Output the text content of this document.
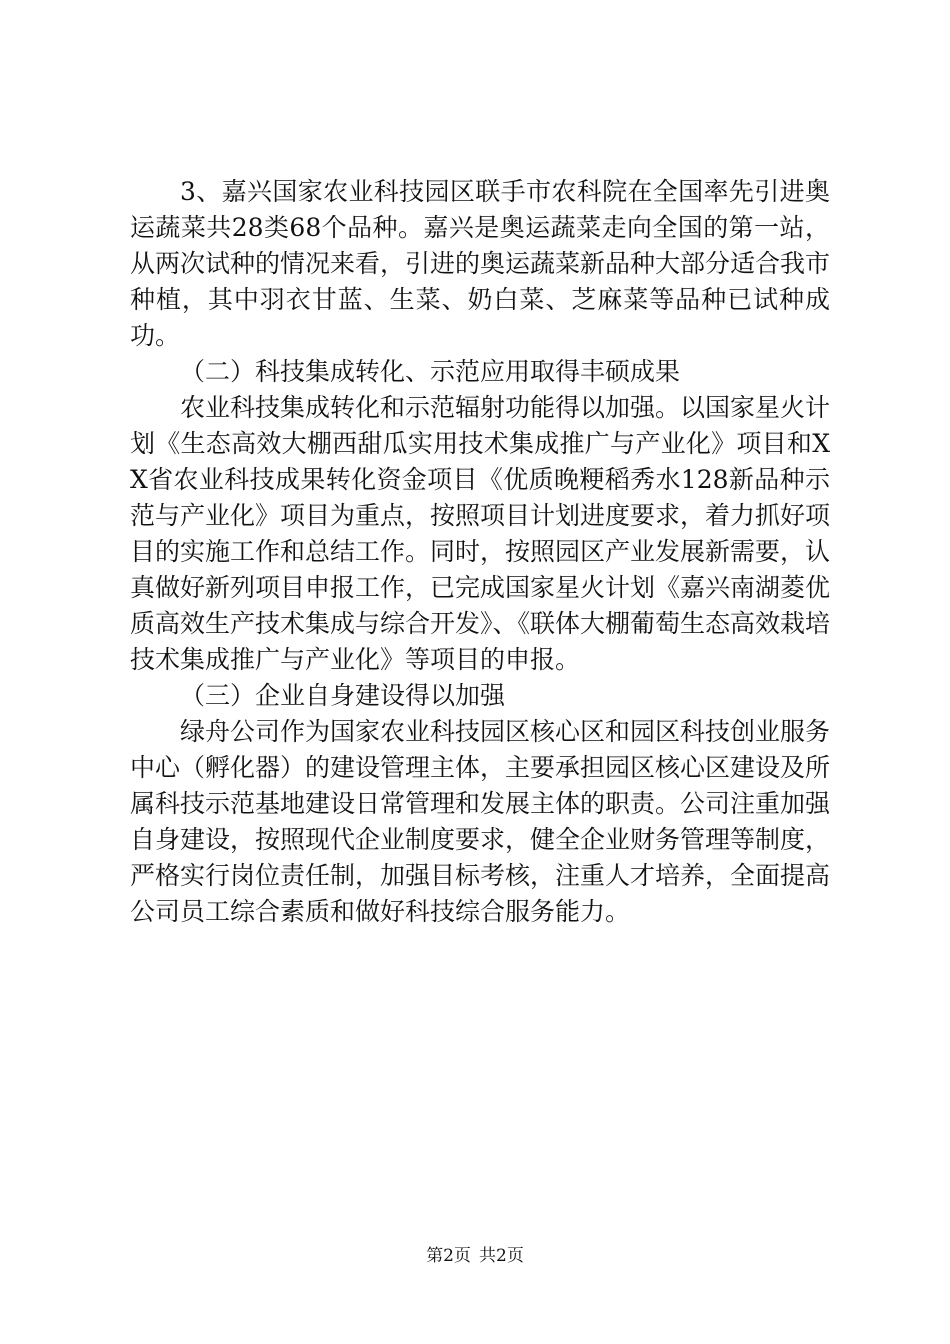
3、嘉兴国家农业科技园区联手市农科院在全国率先引进奥运蔬菜共28类68个品种。嘉兴是奥运蔬菜走向全国的第一站，从两次试种的情况来看，引进的奥运蔬菜新品种大部分适合我市种植，其中羽衣甘蓝、生菜、奶白菜、芝麻菜等品种已试种成功。

（二）科技集成转化、示范应用取得丰硕成果

农业科技集成转化和示范辐射功能得以加强。以国家星火计划《生态高效大棚西甜瓜实用技术集成推广与产业化》项目和XX省农业科技成果转化资金项目《优质晚粳稻秀水128新品种示范与产业化》项目为重点，按照项目计划进度要求，着力抓好项目的实施工作和总结工作。同时，按照园区产业发展新需要，认真做好新列项目申报工作，已完成国家星火计划《嘉兴南湖菱优质高效生产技术集成与综合开发》、《联体大棚葡萄生态高效栽培技术集成推广与产业化》等项目的申报。

（三）企业自身建设得以加强

绿舟公司作为国家农业科技园区核心区和园区科技创业服务中心（孵化器）的建设管理主体，主要承担园区核心区建设及所属科技示范基地建设日常管理和发展主体的职责。公司注重加强自身建设，按照现代企业制度要求，健全企业财务管理等制度，严格实行岗位责任制，加强目标考核，注重人才培养，全面提高公司员工综合素质和做好科技综合服务能力。

第2页 共2页
